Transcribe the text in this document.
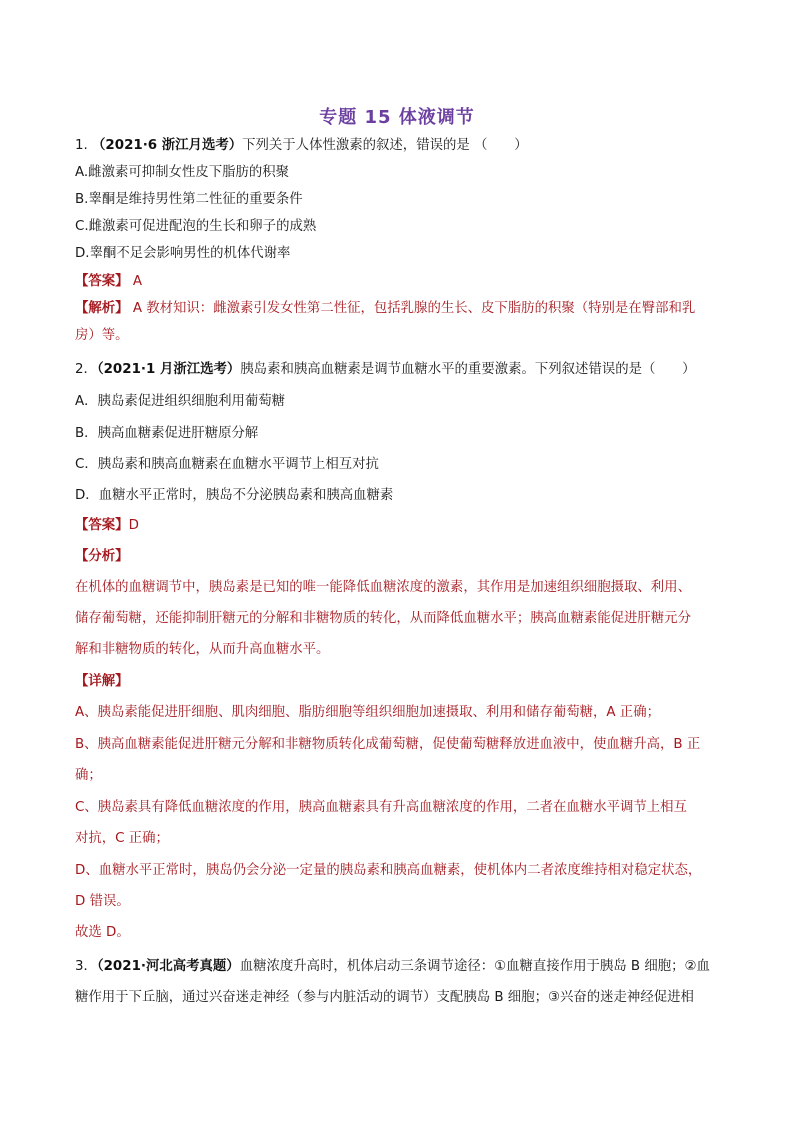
专题 15 体液调节
1. （2021·6 浙江月选考）下列关于人体性激素的叙述，错误的是 （　　）
A.雌激素可抑制女性皮下脂肪的积聚
B.睾酮是维持男性第二性征的重要条件
C.雌激素可促进配泡的生长和卵子的成熟
D.睾酮不足会影响男性的机体代谢率
【答案】 A
【解析】 A 教材知识：雌激素引发女性第二性征，包括乳腺的生长、皮下脂肪的积聚（特别是在臀部和乳
房）等。
2．（2021·1 月浙江选考）胰岛素和胰高血糖素是调节血糖水平的重要激素。下列叙述错误的是（　　）
A．胰岛素促进组织细胞利用葡萄糖
B．胰高血糖素促进肝糖原分解
C．胰岛素和胰高血糖素在血糖水平调节上相互对抗
D．血糖水平正常时，胰岛不分泌胰岛素和胰高血糖素
【答案】D
【分析】
在机体的血糖调节中，胰岛素是已知的唯一能降低血糖浓度的激素，其作用是加速组织细胞摄取、利用、
储存葡萄糖，还能抑制肝糖元的分解和非糖物质的转化，从而降低血糖水平；胰高血糖素能促进肝糖元分
解和非糖物质的转化，从而升高血糖水平。
【详解】
A、胰岛素能促进肝细胞、肌肉细胞、脂肪细胞等组织细胞加速摄取、利用和储存葡萄糖，A 正确；
B、胰高血糖素能促进肝糖元分解和非糖物质转化成葡萄糖，促使葡萄糖释放进血液中，使血糖升高，B 正
确；
C、胰岛素具有降低血糖浓度的作用，胰高血糖素具有升高血糖浓度的作用，二者在血糖水平调节上相互
对抗，C 正确；
D、血糖水平正常时，胰岛仍会分泌一定量的胰岛素和胰高血糖素，使机体内二者浓度维持相对稳定状态，
D 错误。
故选 D。
3．（2021·河北高考真题）血糖浓度升高时，机体启动三条调节途径：①血糖直接作用于胰岛 B 细胞；②血
糖作用于下丘脑，通过兴奋迷走神经（参与内脏活动的调节）支配胰岛 B 细胞；③兴奋的迷走神经促进相
